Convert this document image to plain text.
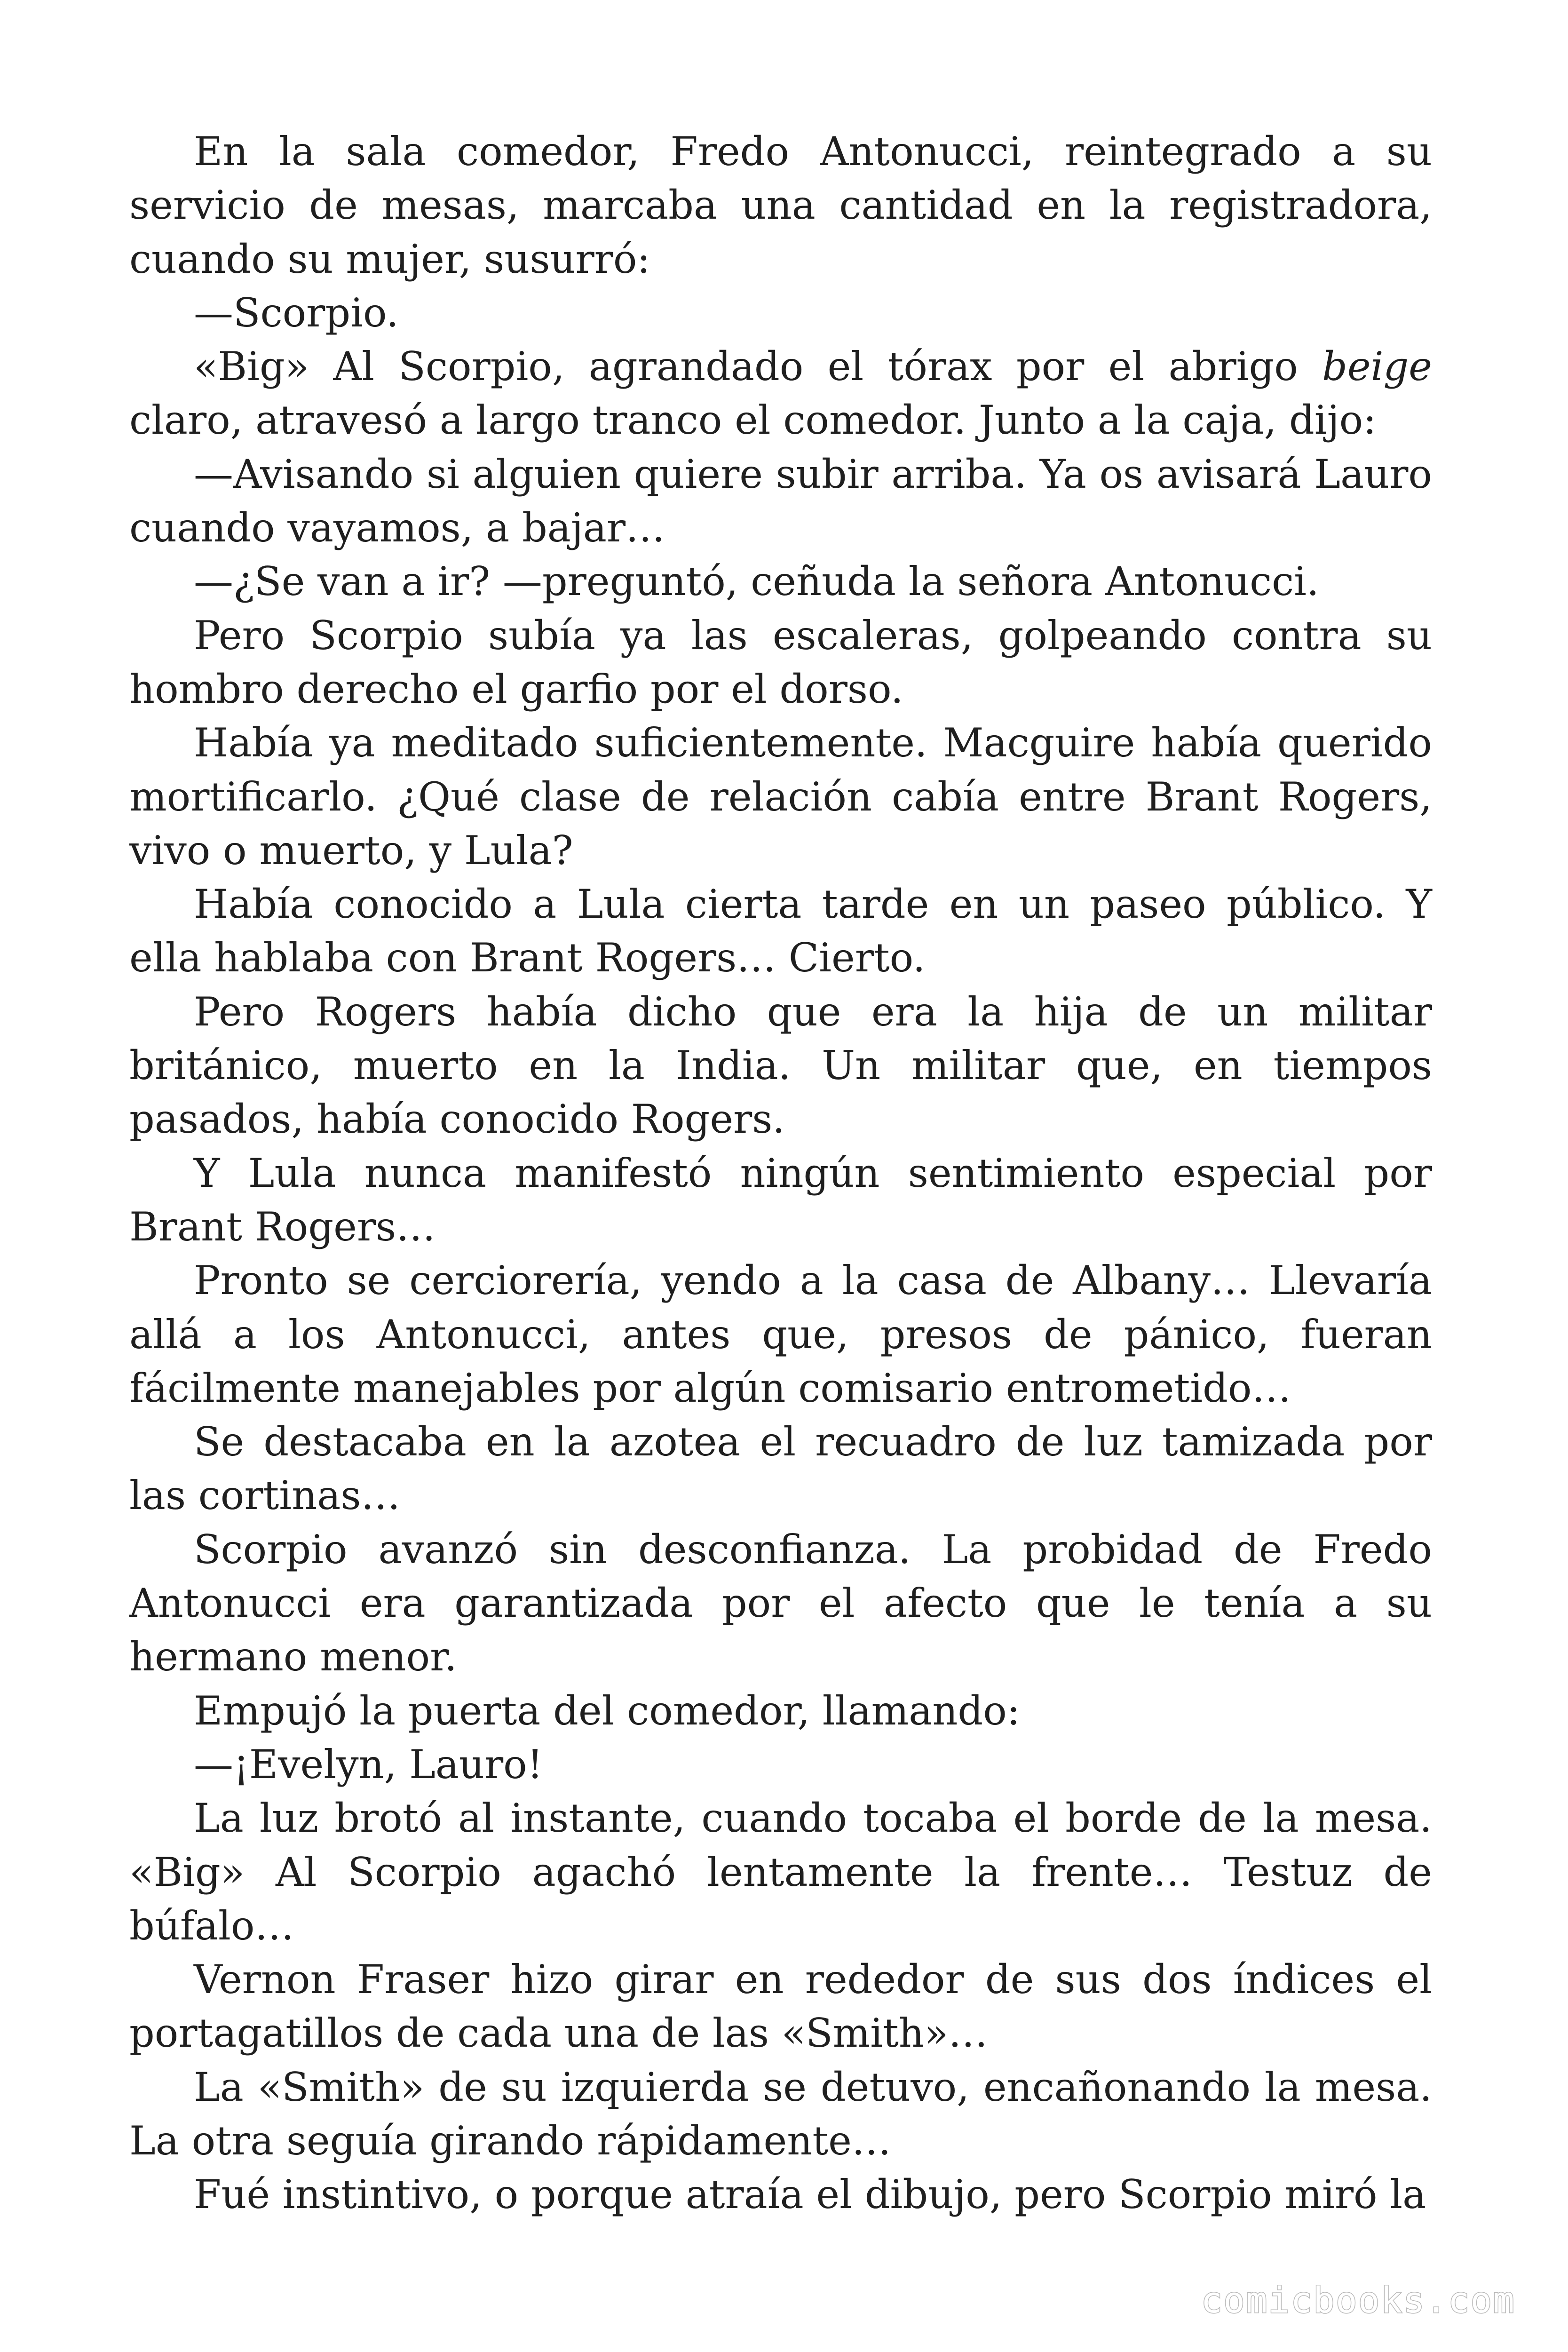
En la sala comedor, Fredo Antonucci, reintegrado a su servicio de mesas, marcaba una cantidad en la registradora, cuando su mujer, susurró:

—Scorpio.

«Big» Al Scorpio, agrandado el tórax por el abrigo beige claro, atravesó a largo tranco el comedor. Junto a la caja, dijo:

—Avisando si alguien quiere subir arriba. Ya os avisará Lauro cuando vayamos, a bajar…

—¿Se van a ir? —preguntó, ceñuda la señora Antonucci.

Pero Scorpio subía ya las escaleras, golpeando contra su hombro derecho el garfio por el dorso.

Había ya meditado suficientemente. Macguire había querido mortificarlo. ¿Qué clase de relación cabía entre Brant Rogers, vivo o muerto, y Lula?

Había conocido a Lula cierta tarde en un paseo público. Y ella hablaba con Brant Rogers… Cierto.

Pero Rogers había dicho que era la hija de un militar británico, muerto en la India. Un militar que, en tiempos pasados, había conocido Rogers.

Y Lula nunca manifestó ningún sentimiento especial por Brant Rogers…

Pronto se cerciorería, yendo a la casa de Albany… Llevaría allá a los Antonucci, antes que, presos de pánico, fueran fácilmente manejables por algún comisario entrometido…

Se destacaba en la azotea el recuadro de luz tamizada por las cortinas…

Scorpio avanzó sin desconfianza. La probidad de Fredo Antonucci era garantizada por el afecto que le tenía a su hermano menor.

Empujó la puerta del comedor, llamando:

—¡Evelyn, Lauro!

La luz brotó al instante, cuando tocaba el borde de la mesa. «Big» Al Scorpio agachó lentamente la frente… Testuz de búfalo…

Vernon Fraser hizo girar en rededor de sus dos índices el portagatillos de cada una de las «Smith»…

La «Smith» de su izquierda se detuvo, encañonando la mesa. La otra seguía girando rápidamente…

Fué instintivo, o porque atraía el dibujo, pero Scorpio miró la

comicbooks.com
